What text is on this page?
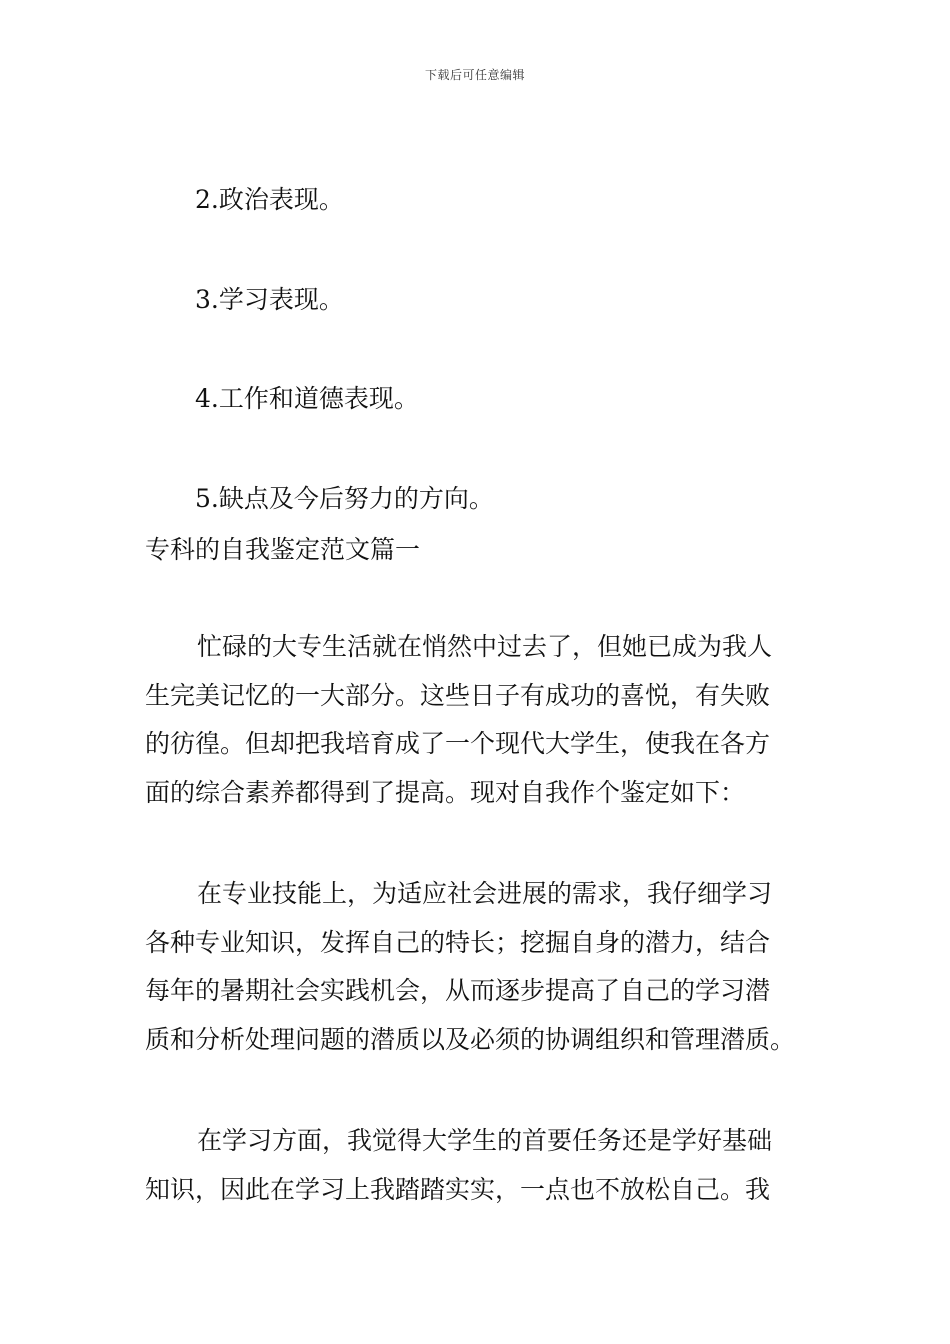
下载后可任意编辑
2.政治表现。
3.学习表现。
4.工作和道德表现。
5.缺点及今后努力的方向。
专科的自我鉴定范文篇一
忙碌的大专生活就在悄然中过去了，但她已成为我人
生完美记忆的一大部分。这些日子有成功的喜悦，有失败
的彷徨。但却把我培育成了一个现代大学生，使我在各方
面的综合素养都得到了提高。现对自我作个鉴定如下：
在专业技能上，为适应社会进展的需求，我仔细学习
各种专业知识，发挥自己的特长；挖掘自身的潜力，结合
每年的暑期社会实践机会，从而逐步提高了自己的学习潜
质和分析处理问题的潜质以及必须的协调组织和管理潜质。
在学习方面，我觉得大学生的首要任务还是学好基础
知识，因此在学习上我踏踏实实，一点也不放松自己。我
